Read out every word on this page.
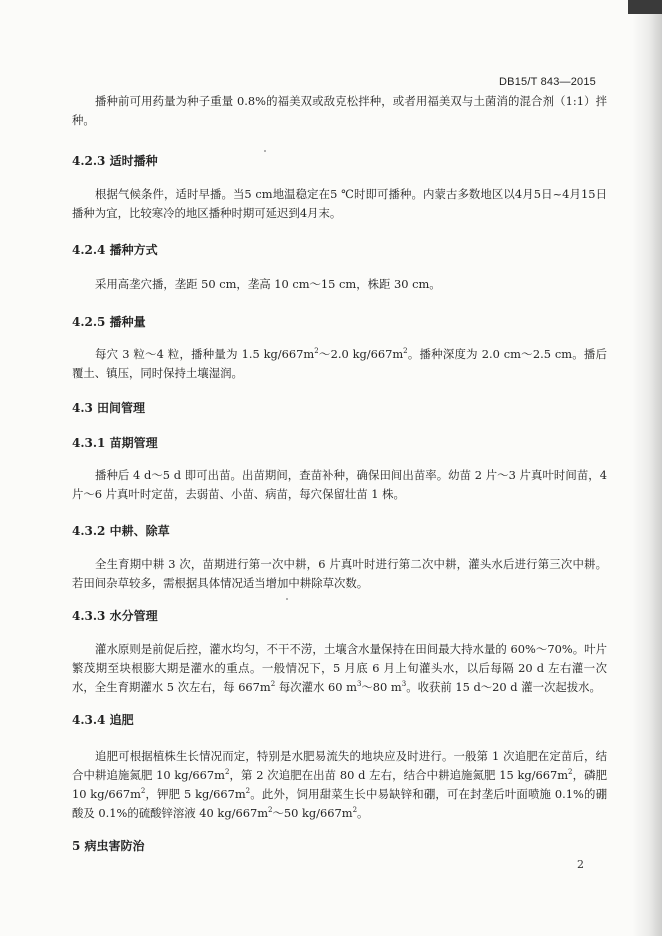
DB15/T 843—2015

播种前可用药量为种子重量 0.8%的福美双或敌克松拌种，或者用福美双与土菌消的混合剂（1:1）拌种。

4.2.3 适时播种

根据气候条件，适时早播。当5 cm地温稳定在5 ℃时即可播种。内蒙古多数地区以4月5日~4月15日播种为宜，比较寒冷的地区播种时期可延迟到4月末。

4.2.4 播种方式

采用高垄穴播，垄距 50 cm，垄高 10 cm～15 cm，株距 30 cm。

4.2.5 播种量

每穴 3 粒～4 粒，播种量为 1.5 $kg/667m^2\sim 2.0$ $kg/667m^2$。播种深度为 2.0 cm～2.5 cm。播后覆土、镇压，同时保持土壤湿润。

4.3 田间管理
4.3.1 苗期管理

播种后 4 d～5 d 即可出苗。出苗期间，查苗补种，确保田间出苗率。幼苗 2 片～3 片真叶时间苗，4 片～6 片真叶时定苗，去弱苗、小苗、病苗，每穴保留壮苗 1 株。

4.3.2 中耕、除草

全生育期中耕 3 次，苗期进行第一次中耕，6 片真叶时进行第二次中耕，灌头水后进行第三次中耕。若田间杂草较多，需根据具体情况适当增加中耕除草次数。

4.3.3 水分管理

灌水原则是前促后控，灌水均匀，不干不涝，土壤含水量保持在田间最大持水量的 60%～70%。叶片繁茂期至块根膨大期是灌水的重点。一般情况下，5 月底 6 月上旬灌头水，以后每隔 20 d 左右灌一次水，全生育期灌水 5 次左右，每 $667m^2$ 每次灌水 60 $m^3\sim 80$ $m^3$。收获前 15 d～20 d 灌一次起拔水。

4.3.4 追肥

追肥可根据植株生长情况而定，特别是水肥易流失的地块应及时进行。一般第 1 次追肥在定苗后，结合中耕追施氮肥 10 $kg/667m^2$，第 2 次追肥在出苗 80 d 左右，结合中耕追施氮肥 15 $kg/667m^2$，磷肥 10 $kg/667m^2$，钾肥 5 $kg/667m^2$。此外，饲用甜菜生长中易缺锌和硼，可在封垄后叶面喷施 0.1%的硼酸及 0.1%的硫酸锌溶液 40 $kg/667m^2\sim 50$ $kg/667m^2$。

5 病虫害防治
2
